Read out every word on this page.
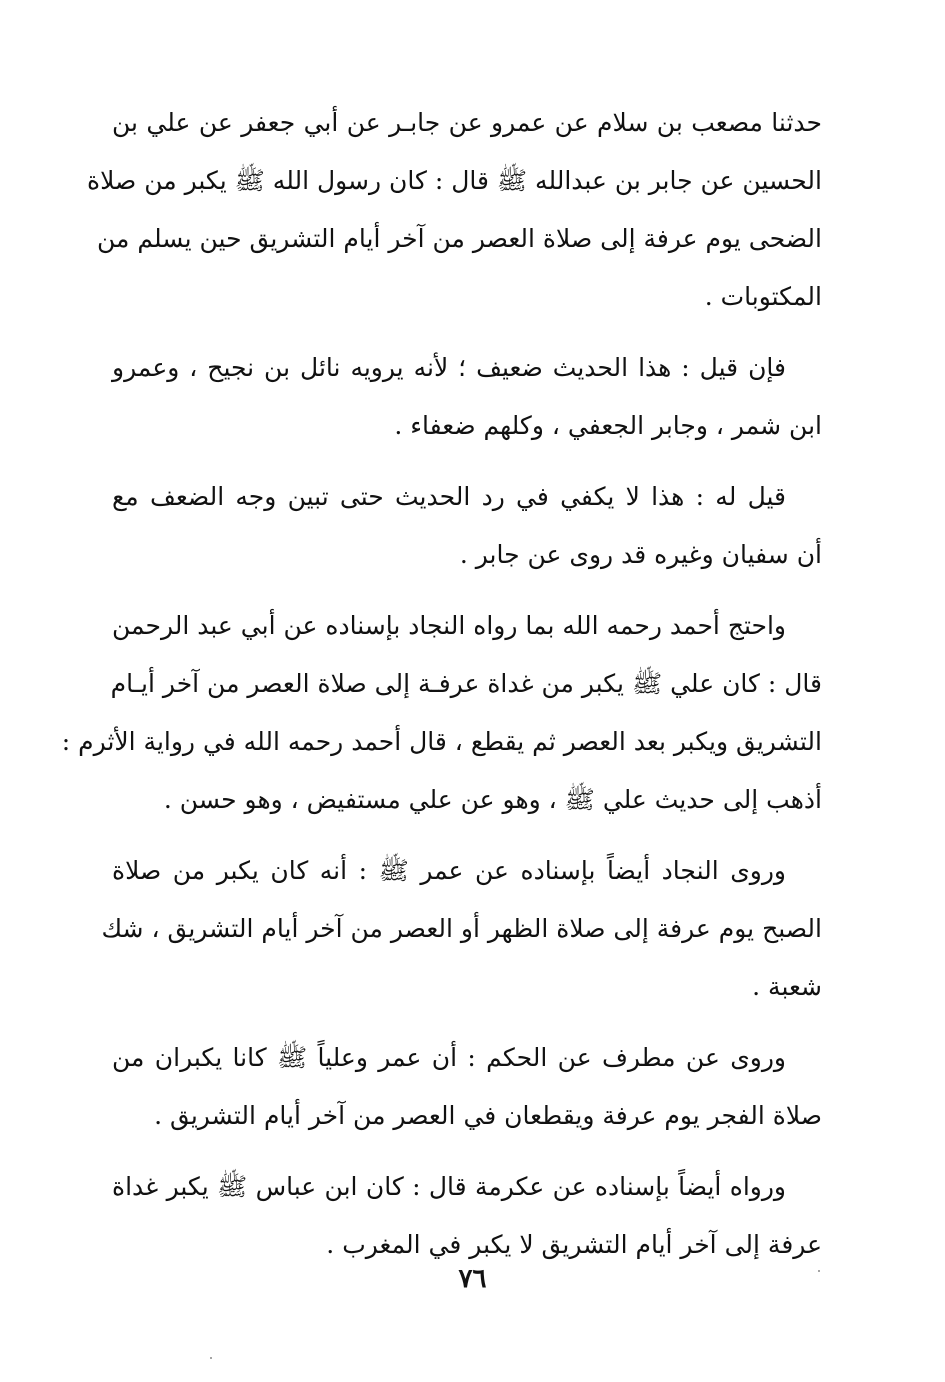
حدثنا مصعب بن سلام عن عمرو عن جابـر عن أبي جعفر عن علي بن
الحسين عن جابر بن عبدالله ﷺ قال : كان رسول الله ﷺ يكبر من صلاة
الضحى يوم عرفة إلى صلاة العصر من آخر أيام التشريق حين يسلم من
المكتوبات .
فإن قيل : هذا الحديث ضعيف ؛ لأنه يرويه نائل بن نجيح ، وعمرو
ابن شمر ، وجابر الجعفي ، وكلهم ضعفاء .
قيل له : هذا لا يكفي في رد الحديث حتى تبين وجه الضعف مع
أن سفيان وغيره قد روى عن جابر .
واحتج أحمد رحمه الله بما رواه النجاد بإسناده عن أبي عبد الرحمن
قال : كان علي ﷺ يكبر من غداة عرفـة إلى صلاة العصر من آخر أيـام
التشريق ويكبر بعد العصر ثم يقطع ، قال أحمد رحمه الله في رواية الأثرم :
أذهب إلى حديث علي ﷺ ، وهو عن علي مستفيض ، وهو حسن .
وروى النجاد أيضاً بإسناده عن عمر ﷺ : أنه كان يكبر من صلاة
الصبح يوم عرفة إلى صلاة الظهر أو العصر من آخر أيام التشريق ، شك
شعبة .
وروى عن مطرف عن الحكم : أن عمر وعلياً ﷺ كانا يكبران من
صلاة الفجر يوم عرفة ويقطعان في العصر من آخر أيام التشريق .
ورواه أيضاً بإسناده عن عكرمة قال : كان ابن عباس ﷺ يكبر غداة
عرفة إلى آخر أيام التشريق لا يكبر في المغرب .
٧٦
